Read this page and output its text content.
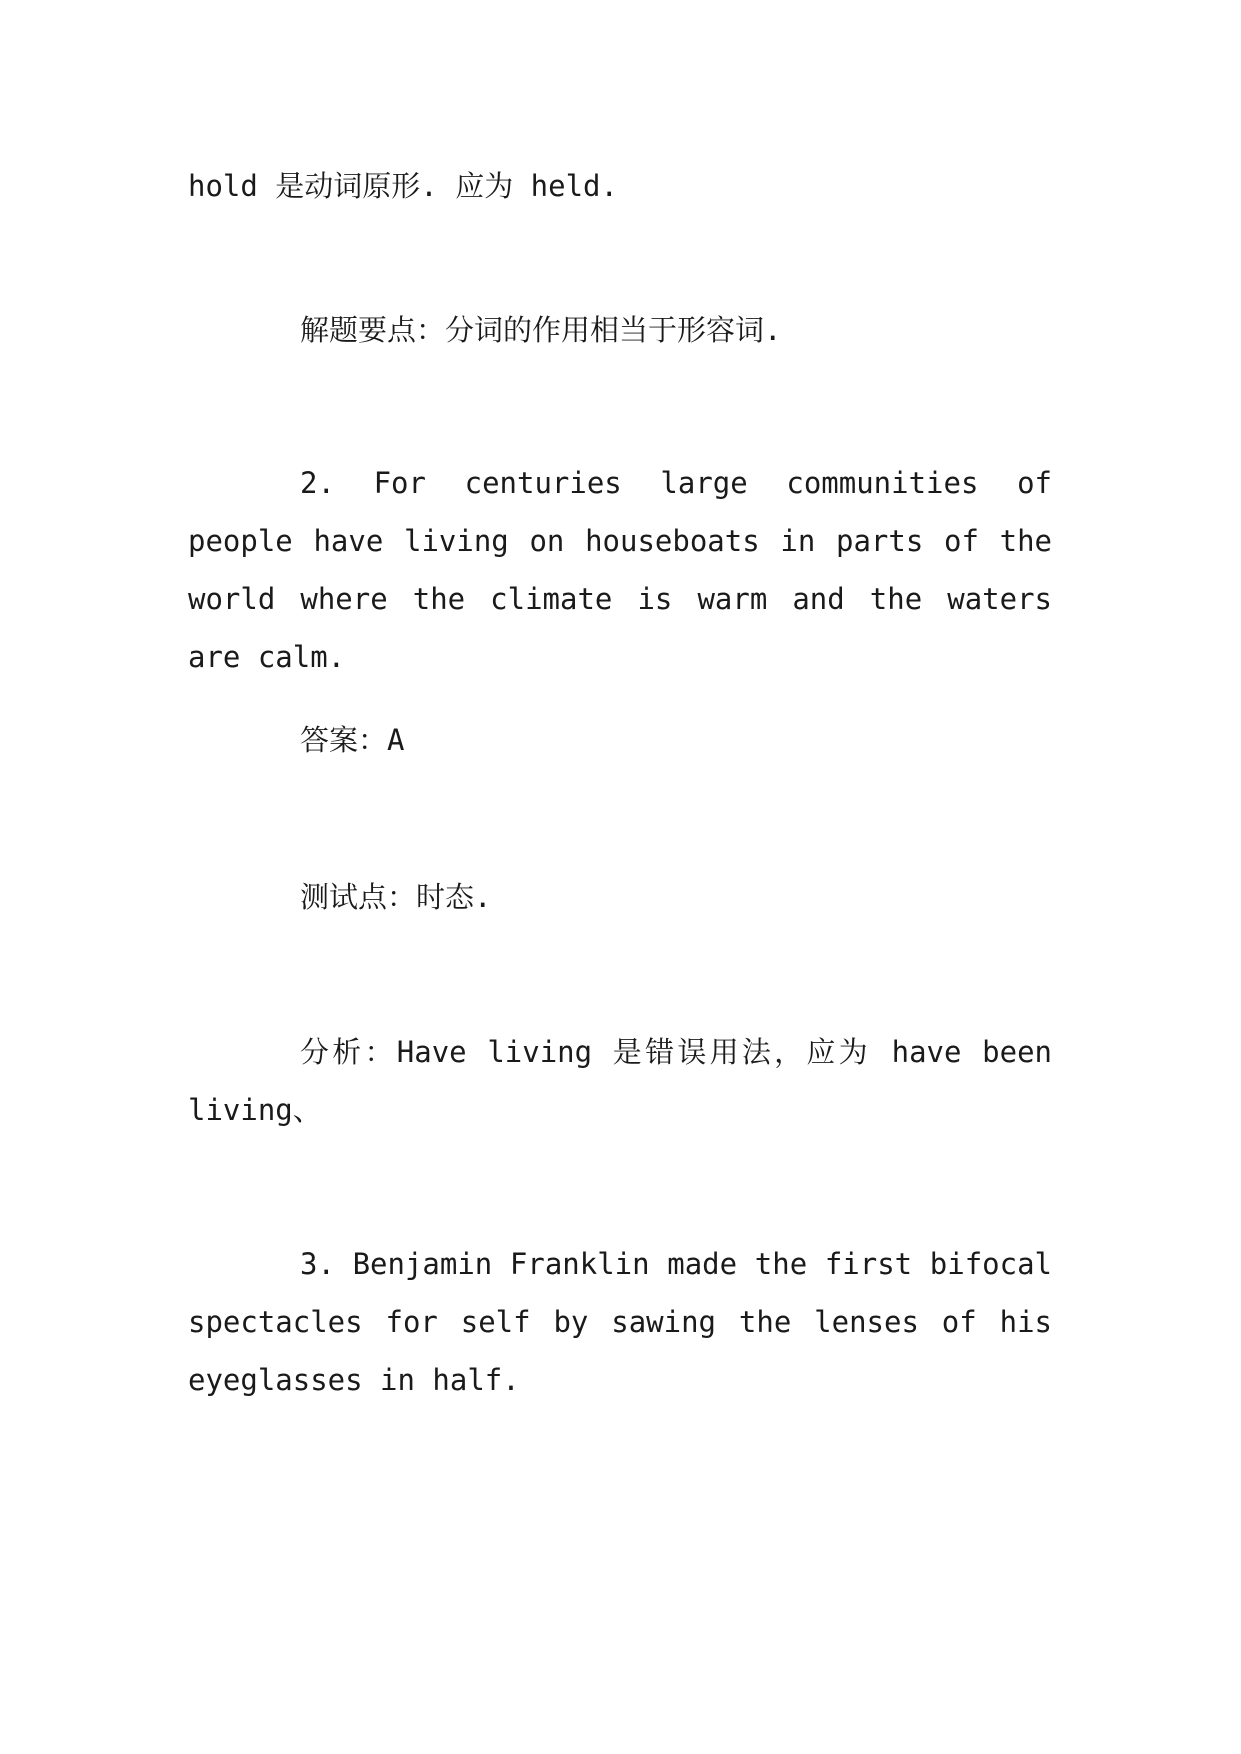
hold 是动词原形. 应为 held.
解题要点：分词的作用相当于形容词.
2. For centuries large communities of people have living on houseboats in parts of the world where the climate is warm and the waters are calm.
答案：A
测试点：时态.
分析：Have living 是错误用法，应为 have been living、
3. Benjamin Franklin made the first bifocal spectacles for self by sawing the lenses of his eyeglasses in half.
